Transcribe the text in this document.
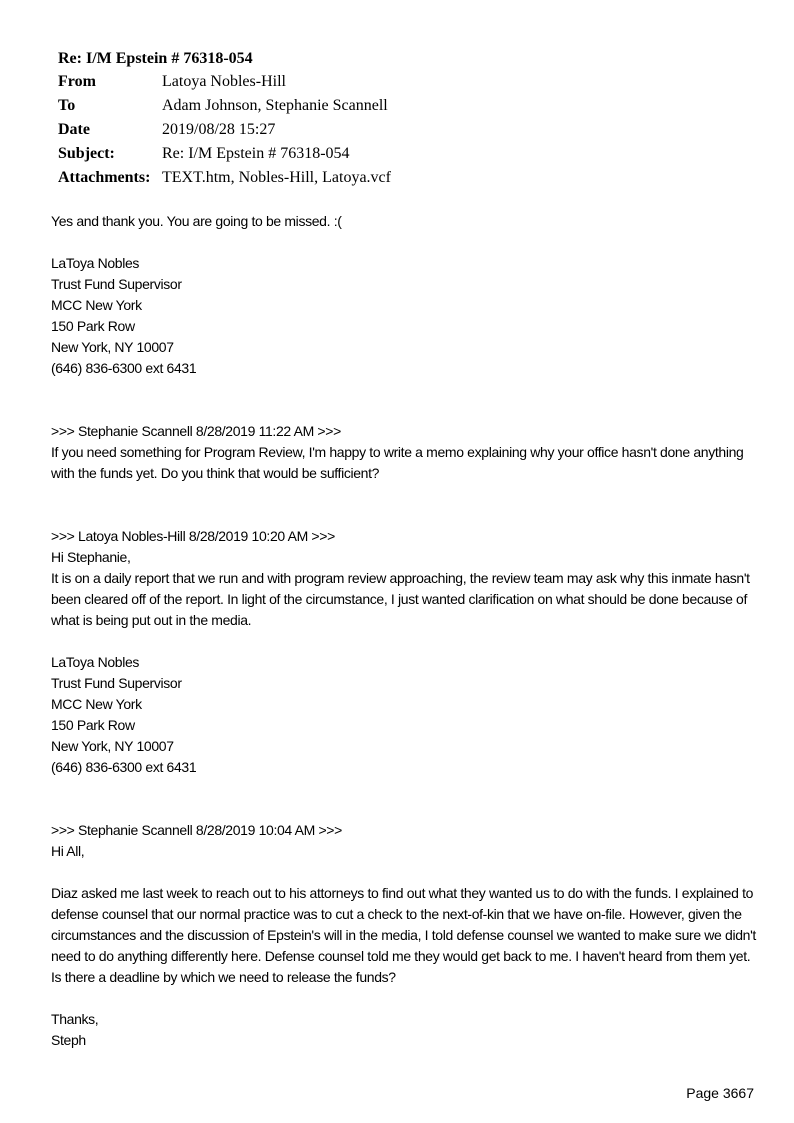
Re: I/M Epstein # 76318-054
From	Latoya Nobles-Hill
To	Adam Johnson, Stephanie Scannell
Date	2019/08/28 15:27
Subject:	Re: I/M Epstein # 76318-054
Attachments:	TEXT.htm, Nobles-Hill, Latoya.vcf

Yes and thank you. You are going to be missed. :(

LaToya Nobles

Trust Fund Supervisor

MCC New York

150 Park Row

New York, NY 10007

(646) 836-6300 ext 6431

>>> Stephanie Scannell 8/28/2019 11:22 AM >>>

If you need something for Program Review, I'm happy to write a memo explaining why your office hasn't done anything with the funds yet. Do you think that would be sufficient?

>>> Latoya Nobles-Hill 8/28/2019 10:20 AM >>>

Hi Stephanie,

It is on a daily report that we run and with program review approaching, the review team may ask why this inmate hasn't been cleared off of the report. In light of the circumstance, I just wanted clarification on what should be done because of what is being put out in the media.

LaToya Nobles

Trust Fund Supervisor

MCC New York

150 Park Row

New York, NY 10007

(646) 836-6300 ext 6431

>>> Stephanie Scannell 8/28/2019 10:04 AM >>>

Hi All,

Diaz asked me last week to reach out to his attorneys to find out what they wanted us to do with the funds. I explained to defense counsel that our normal practice was to cut a check to the next-of-kin that we have on-file. However, given the circumstances and the discussion of Epstein's will in the media, I told defense counsel we wanted to make sure we didn't need to do anything differently here. Defense counsel told me they would get back to me. I haven't heard from them yet. Is there a deadline by which we need to release the funds?

Thanks,

Steph

Page 3667
